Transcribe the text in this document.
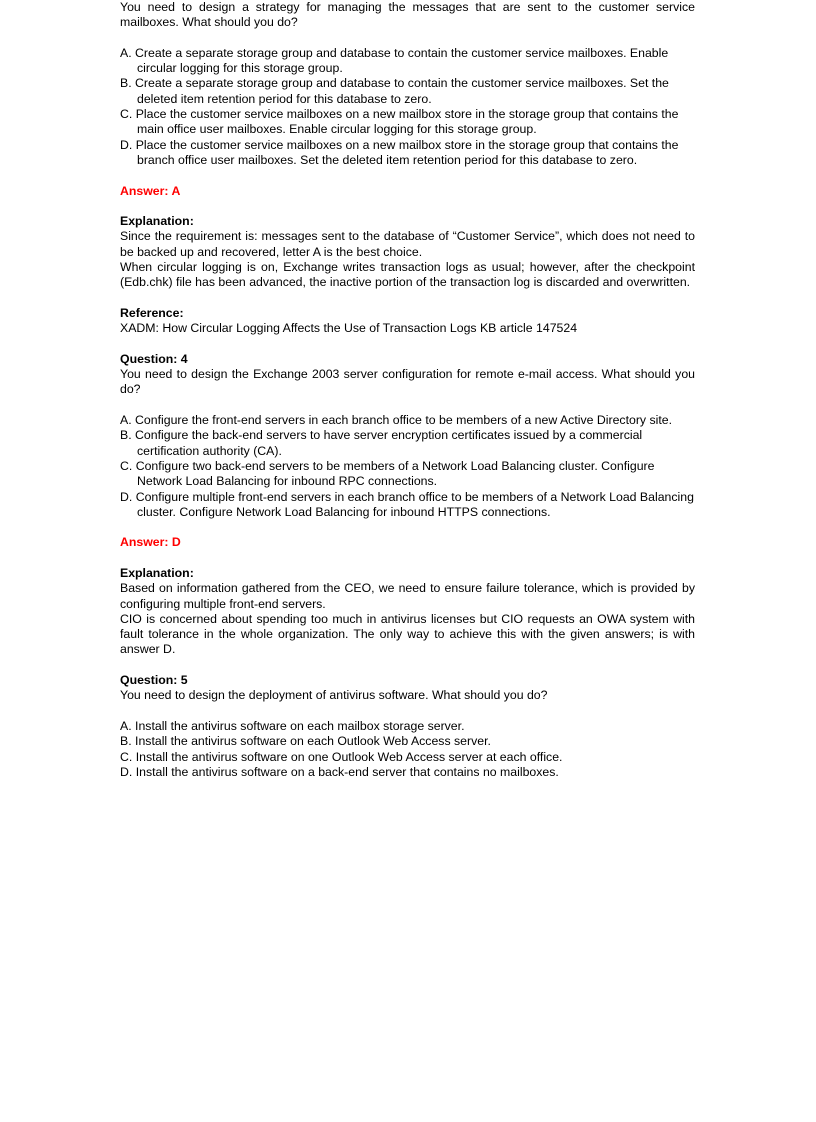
You need to design a strategy for managing the messages that are sent to the customer service mailboxes. What should you do?

A. Create a separate storage group and database to contain the customer service mailboxes. Enable circular logging for this storage group.

B. Create a separate storage group and database to contain the customer service mailboxes. Set the deleted item retention period for this database to zero.

C. Place the customer service mailboxes on a new mailbox store in the storage group that contains the main office user mailboxes. Enable circular logging for this storage group.

D. Place the customer service mailboxes on a new mailbox store in the storage group that contains the branch office user mailboxes. Set the deleted item retention period for this database to zero.

Answer: A

Explanation:

Since the requirement is: messages sent to the database of “Customer Service”, which does not need to be backed up and recovered, letter A is the best choice.

When circular logging is on, Exchange writes transaction logs as usual; however, after the checkpoint (Edb.chk) file has been advanced, the inactive portion of the transaction log is discarded and overwritten.

Reference:

XADM: How Circular Logging Affects the Use of Transaction Logs KB article 147524

Question: 4

You need to design the Exchange 2003 server configuration for remote e-mail access. What should you do?

A. Configure the front-end servers in each branch office to be members of a new Active Directory site.

B. Configure the back-end servers to have server encryption certificates issued by a commercial certification authority (CA).

C. Configure two back-end servers to be members of a Network Load Balancing cluster. Configure Network Load Balancing for inbound RPC connections.

D. Configure multiple front-end servers in each branch office to be members of a Network Load Balancing cluster. Configure Network Load Balancing for inbound HTTPS connections.

Answer: D

Explanation:

Based on information gathered from the CEO, we need to ensure failure tolerance, which is provided by configuring multiple front-end servers.

CIO is concerned about spending too much in antivirus licenses but CIO requests an OWA system with fault tolerance in the whole organization. The only way to achieve this with the given answers; is with answer D.

Question: 5

You need to design the deployment of antivirus software. What should you do?

A. Install the antivirus software on each mailbox storage server.

B. Install the antivirus software on each Outlook Web Access server.

C. Install the antivirus software on one Outlook Web Access server at each office.

D. Install the antivirus software on a back-end server that contains no mailboxes.
